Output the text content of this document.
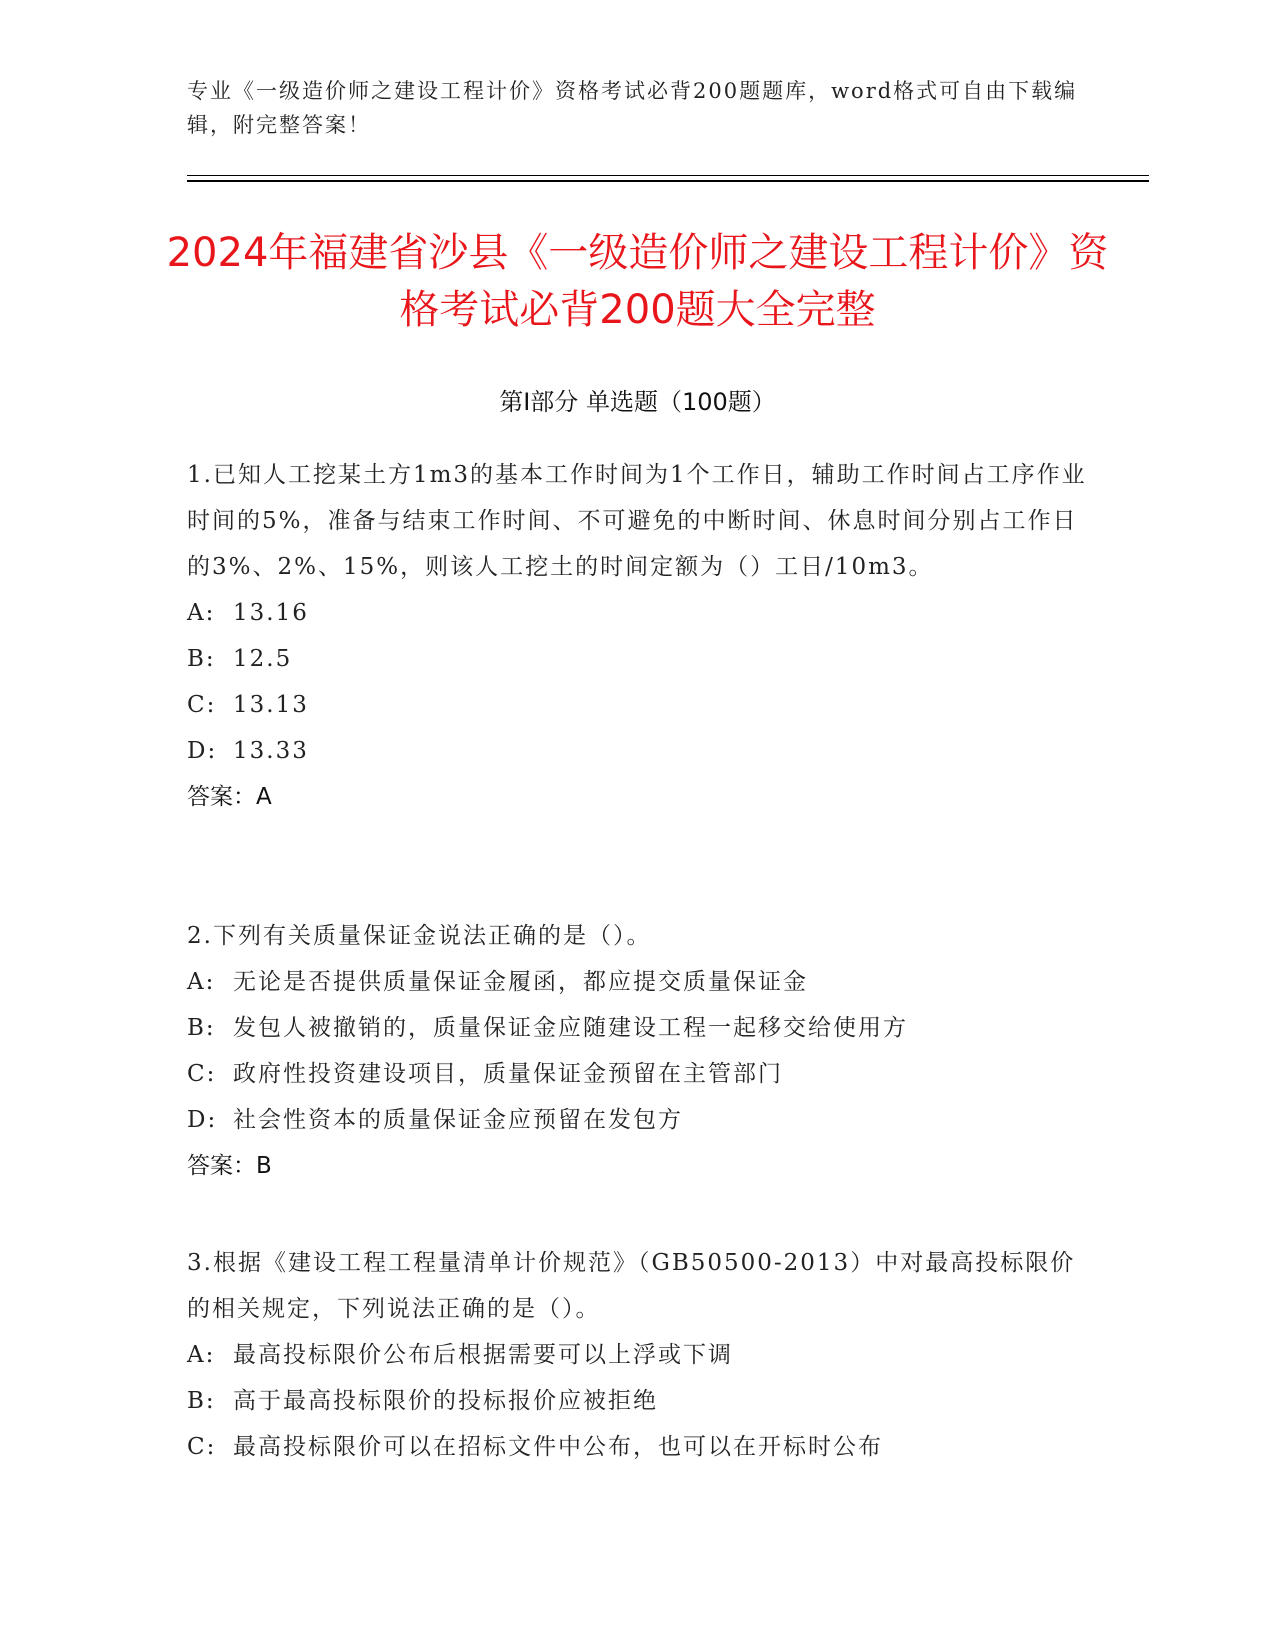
专业《一级造价师之建设工程计价》资格考试必背200题题库，word格式可自由下载编辑，附完整答案！

2024年福建省沙县《一级造价师之建设工程计价》资格考试必背200题大全完整
第Ⅰ部分 单选题（100题）

1.已知人工挖某土方1m3的基本工作时间为1个工作日，辅助工作时间占工序作业时间的5%，准备与结束工作时间、不可避免的中断时间、休息时间分别占工作日的3%、2%、15%，则该人工挖土的时间定额为（）工日/10m3。

A: 13.16

B: 12.5

C: 13.13

D: 13.33

答案：A

2.下列有关质量保证金说法正确的是（）。

A: 无论是否提供质量保证金履函，都应提交质量保证金

B: 发包人被撤销的，质量保证金应随建设工程一起移交给使用方

C: 政府性投资建设项目，质量保证金预留在主管部门

D: 社会性资本的质量保证金应预留在发包方

答案：B

3.根据《建设工程工程量清单计价规范》（GB50500-2013）中对最高投标限价的相关规定，下列说法正确的是（）。

A: 最高投标限价公布后根据需要可以上浮或下调

B: 高于最高投标限价的投标报价应被拒绝

C: 最高投标限价可以在招标文件中公布，也可以在开标时公布
